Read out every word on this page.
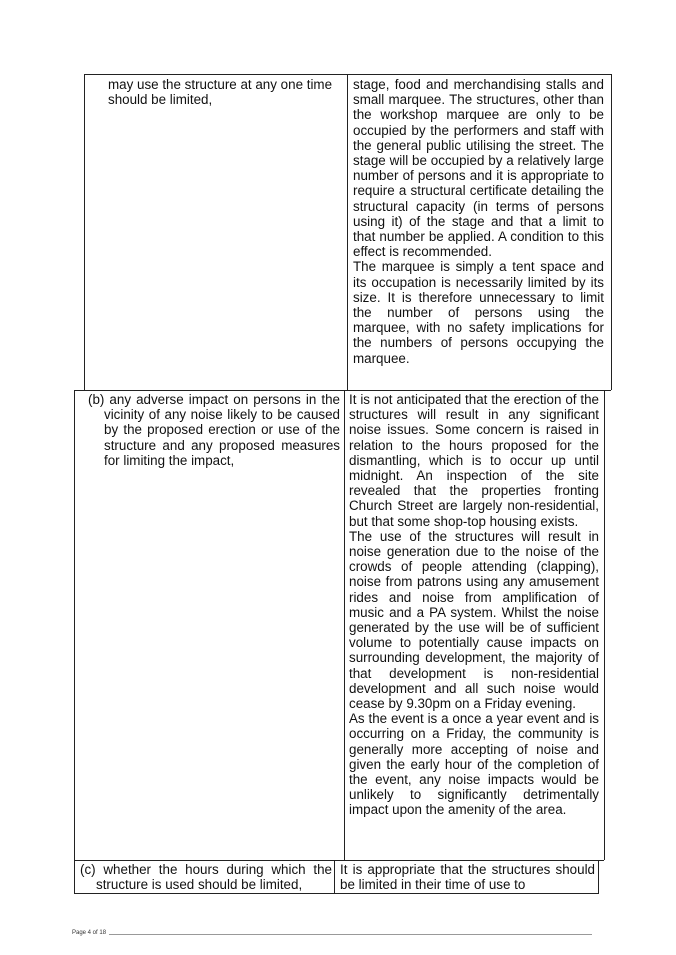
may use the structure at any one time should be limited,

stage, food and merchandising stalls and small marquee. The structures, other than the workshop marquee are only to be occupied by the performers and staff with the general public utilising the street. The stage will be occupied by a relatively large number of persons and it is appropriate to require a structural certificate detailing the structural capacity (in terms of persons using it) of the stage and that a limit to that number be applied. A condition to this effect is recommended.

The marquee is simply a tent space and its occupation is necessarily limited by its size. It is therefore unnecessary to limit the number of persons using the marquee, with no safety implications for the numbers of persons occupying the marquee.

(b) any adverse impact on persons in the vicinity of any noise likely to be caused by the proposed erection or use of the structure and any proposed measures for limiting the impact,

It is not anticipated that the erection of the structures will result in any significant noise issues. Some concern is raised in relation to the hours proposed for the dismantling, which is to occur up until midnight. An inspection of the site revealed that the properties fronting Church Street are largely non-residential, but that some shop-top housing exists.

The use of the structures will result in noise generation due to the noise of the crowds of people attending (clapping), noise from patrons using any amusement rides and noise from amplification of music and a PA system. Whilst the noise generated by the use will be of sufficient volume to potentially cause impacts on surrounding development, the majority of that development is non-residential development and all such noise would cease by 9.30pm on a Friday evening.

As the event is a once a year event and is occurring on a Friday, the community is generally more accepting of noise and given the early hour of the completion of the event, any noise impacts would be unlikely to significantly detrimentally impact upon the amenity of the area.

(c) whether the hours during which the structure is used should be limited,

It is appropriate that the structures should be limited in their time of use to

Page 4 of 18
